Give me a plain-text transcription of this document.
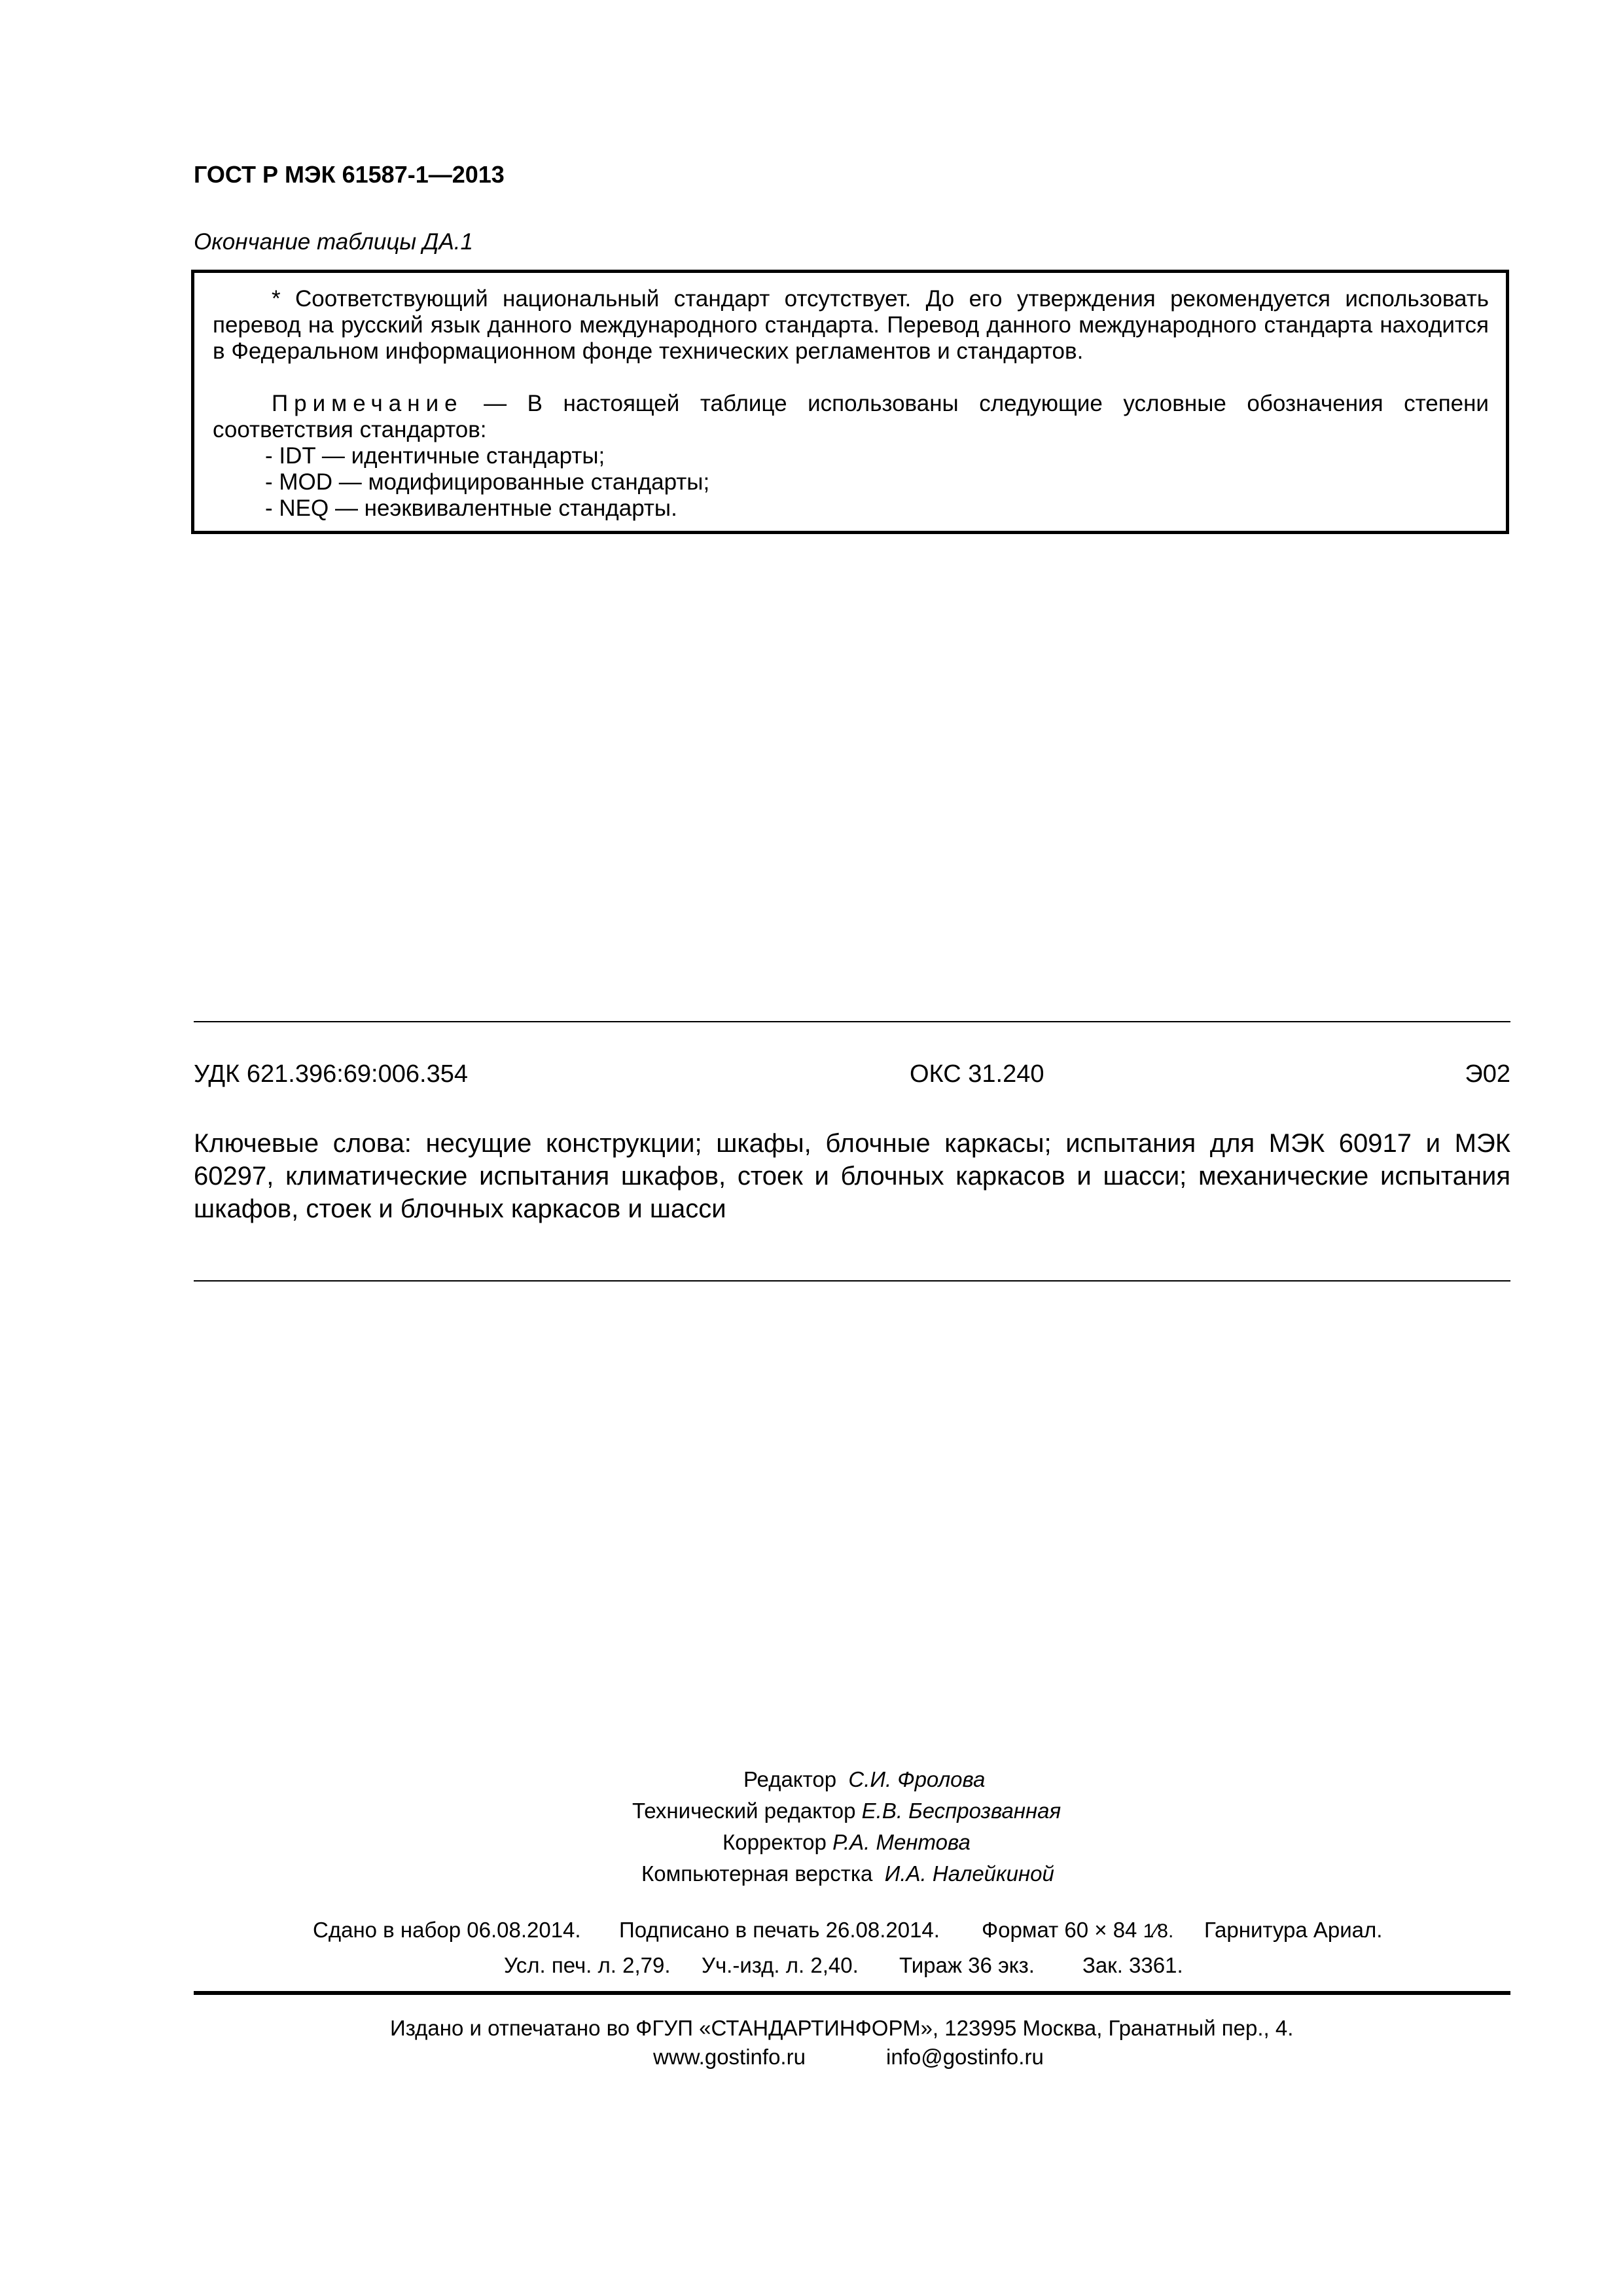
ГОСТ Р МЭК 61587-1—2013
Окончание таблицы ДА.1

* Соответствующий национальный стандарт отсутствует. До его утверждения рекомендуется использовать перевод на русский язык данного международного стандарта. Перевод данного международного стандарта находится в Федеральном информационном фонде технических регламентов и стандартов.

Примечание — В настоящей таблице использованы следующие условные обозначения степени соответствия стандартов:

- IDT — идентичные стандарты;
- MOD — модифицированные стандарты;
- NEQ — неэквивалентные стандарты.
УДК 621.396:69:006.354	ОКС 31.240	Э02
Ключевые слова: несущие конструкции; шкафы, блочные каркасы; испытания для МЭК 60917 и МЭК 60297, климатические испытания шкафов, стоек и блочных каркасов и шасси; механические испытания шкафов, стоек и блочных каркасов и шасси
Редактор С.И. Фролова
Технический редактор Е.В. Беспрозванная
Корректор Р.А. Ментова
Компьютерная верстка И.А. Налейкиной
Сдано в набор 06.08.2014. Подписано в печать 26.08.2014. Формат 60 × 84 1⁄8. Гарнитура Ариал.
Усл. печ. л. 2,79. Уч.-изд. л. 2,40. Тираж 36 экз. Зак. 3361.
Издано и отпечатано во ФГУП «СТАНДАРТИНФОРМ», 123995 Москва, Гранатный пер., 4.
www.gostinfo.ru	info@gostinfo.ru
